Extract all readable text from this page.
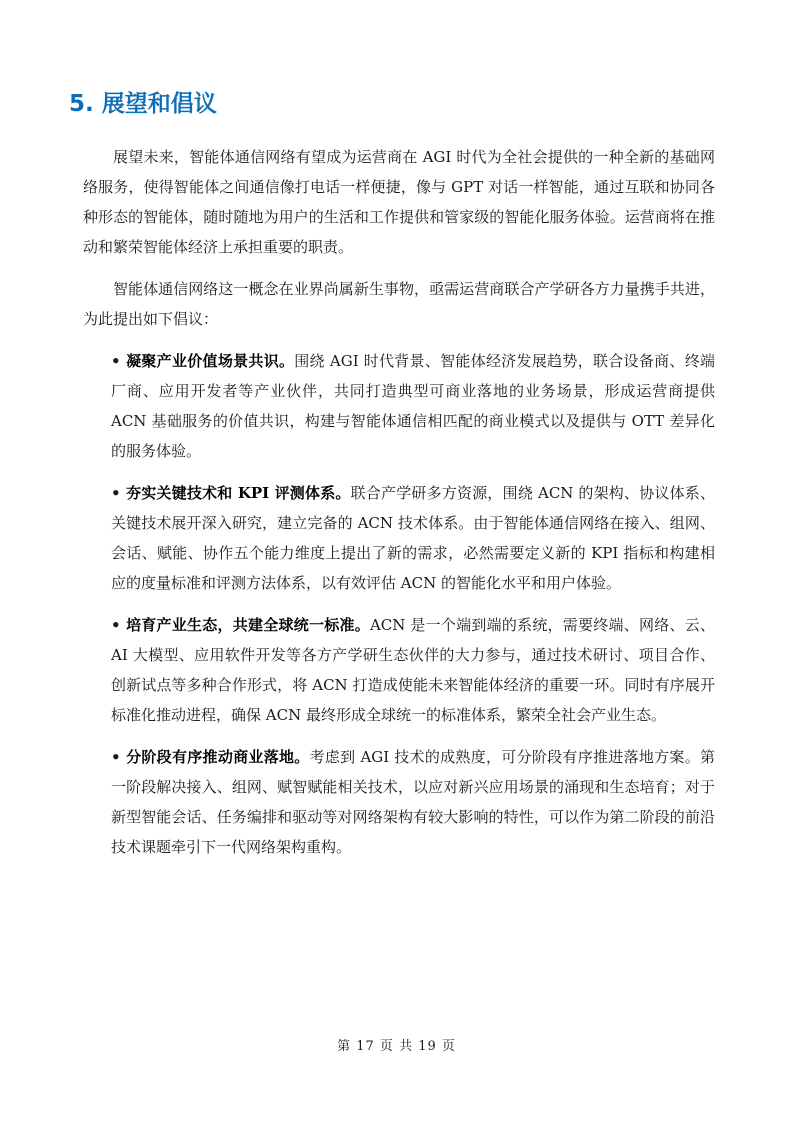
5. 展望和倡议

展望未来，智能体通信网络有望成为运营商在 AGI 时代为全社会提供的一种全新的基础网络服务，使得智能体之间通信像打电话一样便捷，像与 GPT 对话一样智能，通过互联和协同各种形态的智能体，随时随地为用户的生活和工作提供和管家级的智能化服务体验。运营商将在推动和繁荣智能体经济上承担重要的职责。

智能体通信网络这一概念在业界尚属新生事物，亟需运营商联合产学研各方力量携手共进，为此提出如下倡议：

• 凝聚产业价值场景共识。围绕 AGI 时代背景、智能体经济发展趋势，联合设备商、终端厂商、应用开发者等产业伙伴，共同打造典型可商业落地的业务场景，形成运营商提供 ACN 基础服务的价值共识，构建与智能体通信相匹配的商业模式以及提供与 OTT 差异化的服务体验。

• 夯实关键技术和 KPI 评测体系。联合产学研多方资源，围绕 ACN 的架构、协议体系、关键技术展开深入研究，建立完备的 ACN 技术体系。由于智能体通信网络在接入、组网、会话、赋能、协作五个能力维度上提出了新的需求，必然需要定义新的 KPI 指标和构建相应的度量标准和评测方法体系，以有效评估 ACN 的智能化水平和用户体验。

• 培育产业生态，共建全球统一标准。ACN 是一个端到端的系统，需要终端、网络、云、AI 大模型、应用软件开发等各方产学研生态伙伴的大力参与，通过技术研讨、项目合作、创新试点等多种合作形式，将 ACN 打造成使能未来智能体经济的重要一环。同时有序展开标准化推动进程，确保 ACN 最终形成全球统一的标准体系，繁荣全社会产业生态。

• 分阶段有序推动商业落地。考虑到 AGI 技术的成熟度，可分阶段有序推进落地方案。第一阶段解决接入、组网、赋智赋能相关技术，以应对新兴应用场景的涌现和生态培育；对于新型智能会话、任务编排和驱动等对网络架构有较大影响的特性，可以作为第二阶段的前沿技术课题牵引下一代网络架构重构。

第 17 页 共 19 页
